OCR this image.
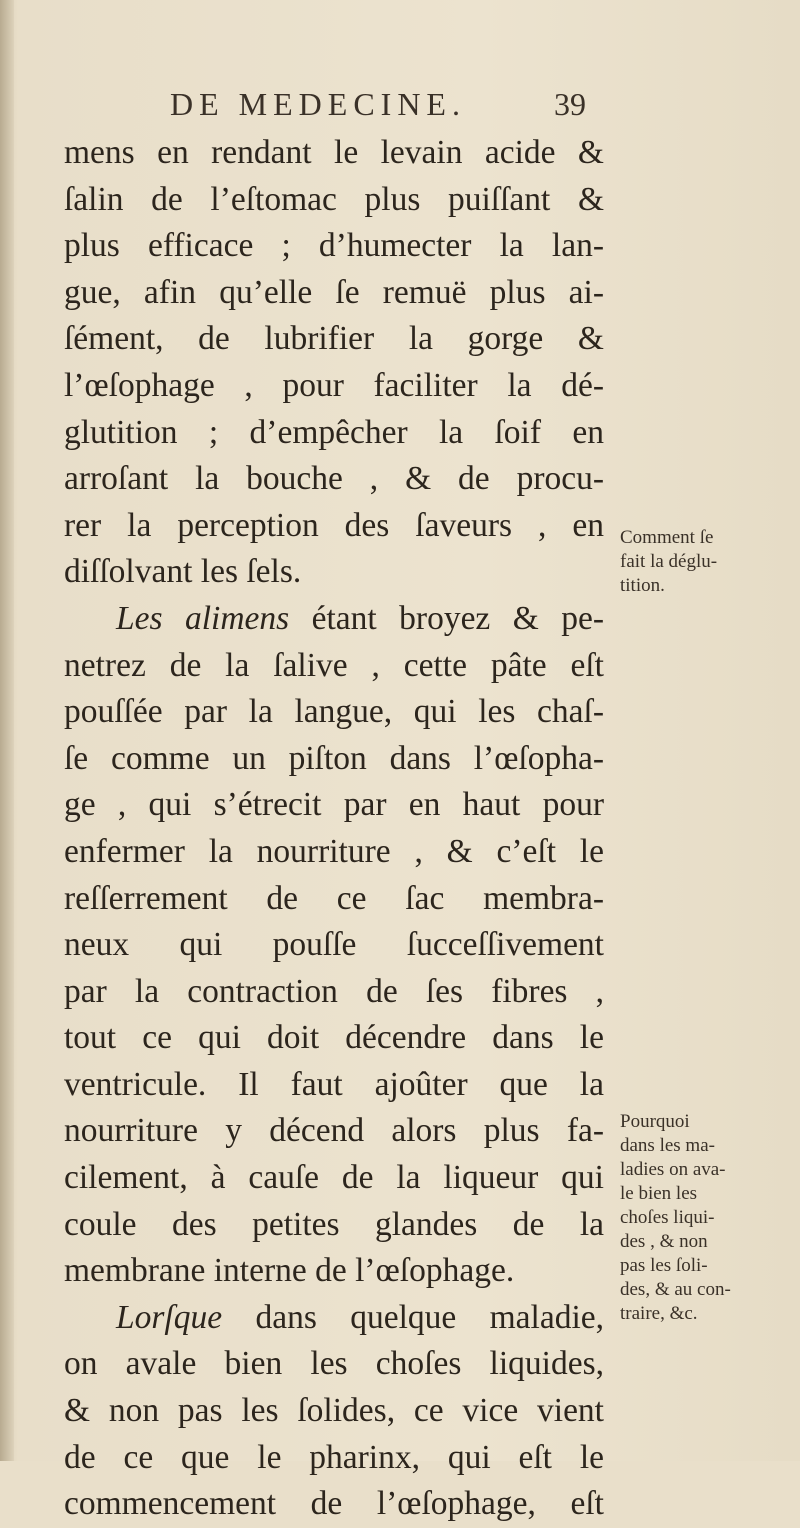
DE MEDECINE.	39
mens en rendant le levain acide &
ſalin de l’eſtomac plus puiſſant &
plus efficace ; d’humecter la lan-
gue, afin qu’elle ſe remuë plus ai-
ſément, de lubrifier la gorge &
l’œſophage , pour faciliter la dé-
glutition ; d’empêcher la ſoif en
arroſant la bouche , & de procu-
rer la perception des ſaveurs , en
diſſolvant les ſels.
Les alimens étant broyez & pe-
netrez de la ſalive , cette pâte eſt
pouſſée par la langue, qui les chaſ-
ſe comme un piſton dans l’œſopha-
ge , qui s’étrecit par en haut pour
enfermer la nourriture , & c’eſt le
reſſerrement de ce ſac membra-
neux qui pouſſe ſucceſſivement
par la contraction de ſes fibres ,
tout ce qui doit décendre dans le
ventricule. Il faut ajoûter que la
nourriture y décend alors plus fa-
cilement, à cauſe de la liqueur qui
coule des petites glandes de la
membrane interne de l’œſophage.
Lorſque dans quelque maladie,
on avale bien les choſes liquides,
& non pas les ſolides, ce vice vient
de ce que le pharinx, qui eſt le
commencement de l’œſophage, eſt
Comment ſe
fait la déglu-
tition.
Pourquoi
dans les ma-
ladies on ava-
le bien les
choſes liqui-
des , & non
pas les ſoli-
des, & au con-
traire, &c.
